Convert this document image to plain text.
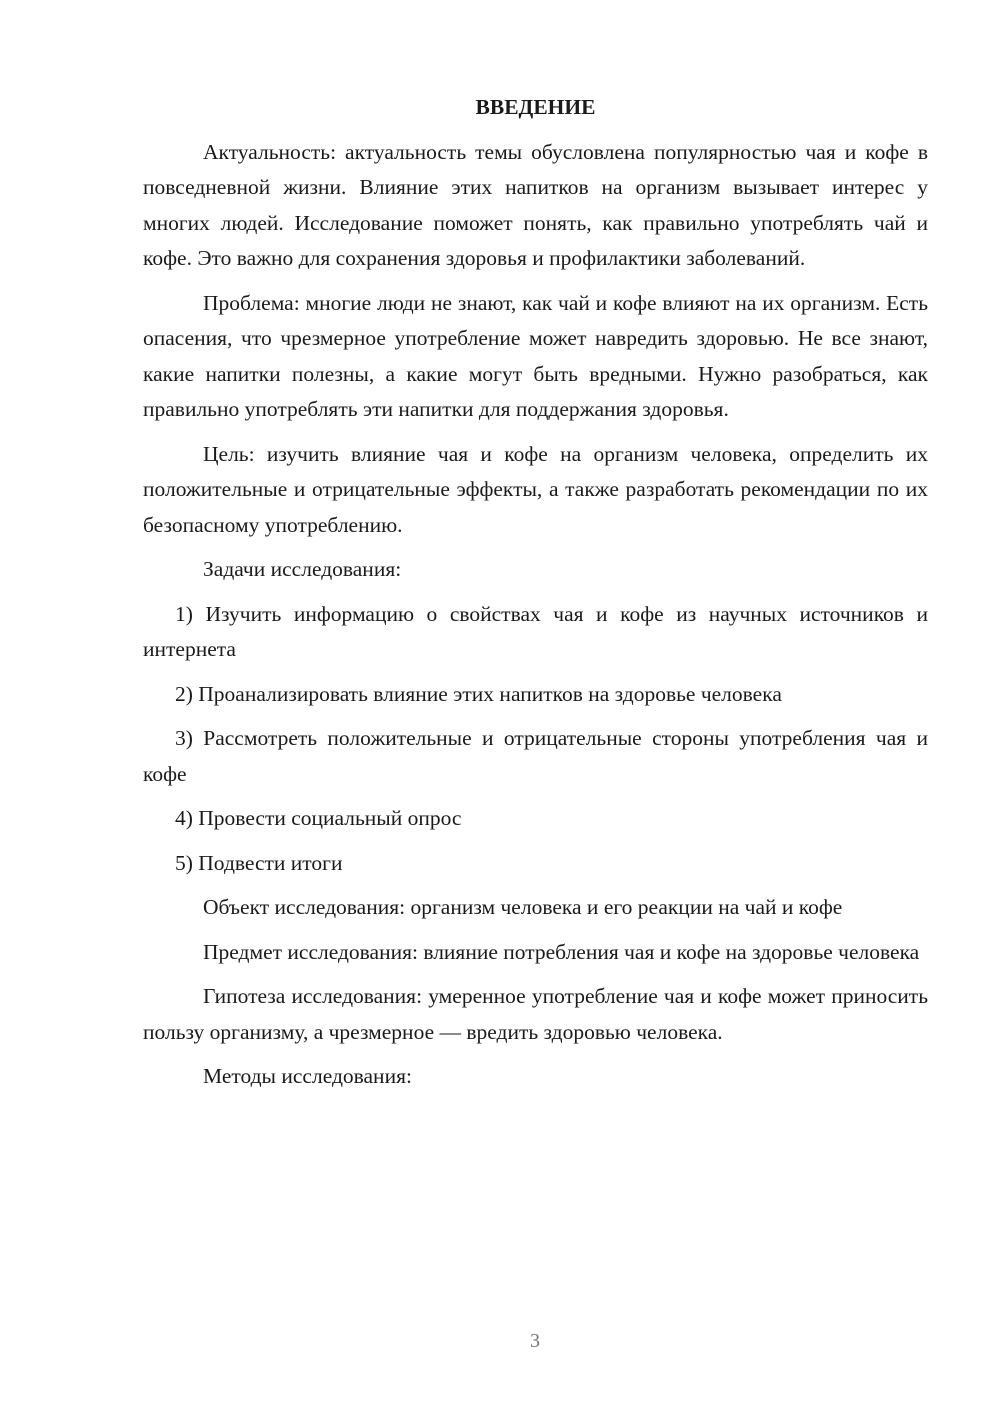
ВВЕДЕНИЕ

Актуальность: актуальность темы обусловлена популярностью чая и кофе в повседневной жизни. Влияние этих напитков на организм вызывает интерес у многих людей. Исследование поможет понять, как правильно употреблять чай и кофе. Это важно для сохранения здоровья и профилактики заболеваний.

Проблема: многие люди не знают, как чай и кофе влияют на их организм. Есть опасения, что чрезмерное употребление может навредить здоровью. Не все знают, какие напитки полезны, а какие могут быть вредными. Нужно разобраться, как правильно употреблять эти напитки для поддержания здоровья.

Цель: изучить влияние чая и кофе на организм человека, определить их положительные и отрицательные эффекты, а также разработать рекомендации по их безопасному употреблению.

Задачи исследования:

1) Изучить информацию о свойствах чая и кофе из научных источников и интернета

2) Проанализировать влияние этих напитков на здоровье человека

3) Рассмотреть положительные и отрицательные стороны употребления чая и кофе

4) Провести социальный опрос

5) Подвести итоги

Объект исследования: организм человека и его реакции на чай и кофе

Предмет исследования: влияние потребления чая и кофе на здоровье человека

Гипотеза исследования: умеренное употребление чая и кофе может приносить пользу организму, а чрезмерное — вредить здоровью человека.

Методы исследования:

3
